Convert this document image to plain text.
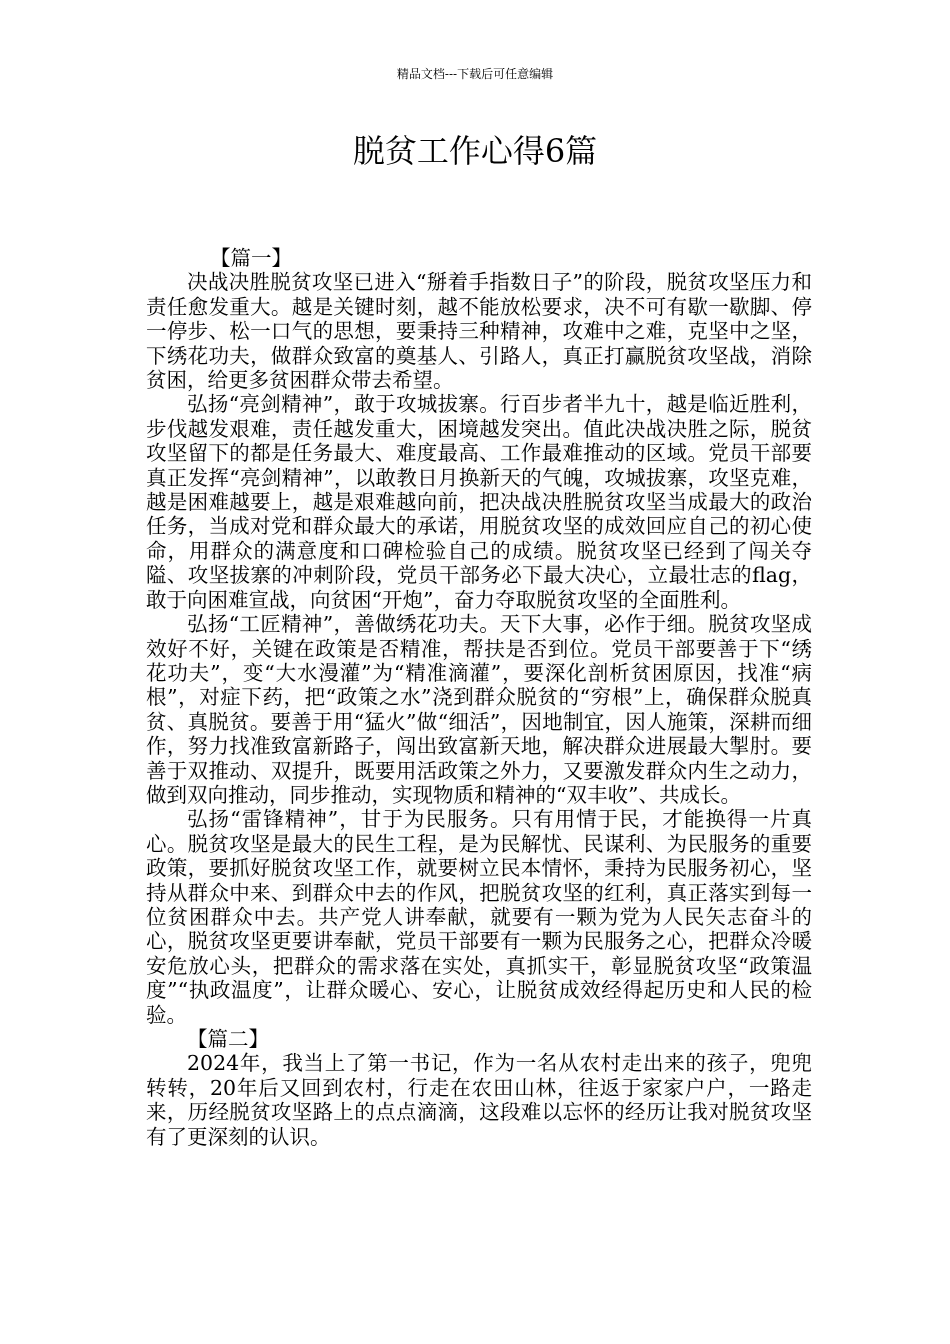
精品文档---下载后可任意编辑
脱贫工作心得6篇

【篇一】

决战决胜脱贫攻坚已进入“掰着手指数日子”的阶段，脱贫攻坚压力和责任愈发重大。越是关键时刻，越不能放松要求，决不可有歇一歇脚、停一停步、松一口气的思想，要秉持三种精神，攻难中之难，克坚中之坚，下绣花功夫，做群众致富的奠基人、引路人，真正打赢脱贫攻坚战，消除贫困，给更多贫困群众带去希望。

弘扬“亮剑精神”，敢于攻城拔寨。行百步者半九十，越是临近胜利，步伐越发艰难，责任越发重大，困境越发突出。值此决战决胜之际，脱贫攻坚留下的都是任务最大、难度最高、工作最难推动的区域。党员干部要真正发挥“亮剑精神”，以敢教日月换新天的气魄，攻城拔寨，攻坚克难，越是困难越要上，越是艰难越向前，把决战决胜脱贫攻坚当成最大的政治任务，当成对党和群众最大的承诺，用脱贫攻坚的成效回应自己的初心使命，用群众的满意度和口碑检验自己的成绩。脱贫攻坚已经到了闯关夺隘、攻坚拔寨的冲刺阶段，党员干部务必下最大决心，立最壮志的flag，敢于向困难宣战，向贫困“开炮”，奋力夺取脱贫攻坚的全面胜利。

弘扬“工匠精神”，善做绣花功夫。天下大事，必作于细。脱贫攻坚成效好不好，关键在政策是否精准，帮扶是否到位。党员干部要善于下“绣花功夫”，变“大水漫灌”为“精准滴灌”，要深化剖析贫困原因，找准“病根”，对症下药，把“政策之水”浇到群众脱贫的“穷根”上，确保群众脱真贫、真脱贫。要善于用“猛火”做“细活”，因地制宜，因人施策，深耕而细作，努力找准致富新路子，闯出致富新天地，解决群众进展最大掣肘。要善于双推动、双提升，既要用活政策之外力，又要激发群众内生之动力，做到双向推动，同步推动，实现物质和精神的“双丰收”、共成长。

弘扬“雷锋精神”，甘于为民服务。只有用情于民，才能换得一片真心。脱贫攻坚是最大的民生工程，是为民解忧、民谋利、为民服务的重要政策，要抓好脱贫攻坚工作，就要树立民本情怀，秉持为民服务初心，坚持从群众中来、到群众中去的作风，把脱贫攻坚的红利，真正落实到每一位贫困群众中去。共产党人讲奉献，就要有一颗为党为人民矢志奋斗的心，脱贫攻坚更要讲奉献，党员干部要有一颗为民服务之心，把群众冷暖安危放心头，把群众的需求落在实处，真抓实干，彰显脱贫攻坚“政策温度”“执政温度”，让群众暖心、安心，让脱贫成效经得起历史和人民的检验。

【篇二】

2024年，我当上了第一书记，作为一名从农村走出来的孩子，兜兜转转，20年后又回到农村，行走在农田山林，往返于家家户户，一路走来，历经脱贫攻坚路上的点点滴滴，这段难以忘怀的经历让我对脱贫攻坚有了更深刻的认识。
